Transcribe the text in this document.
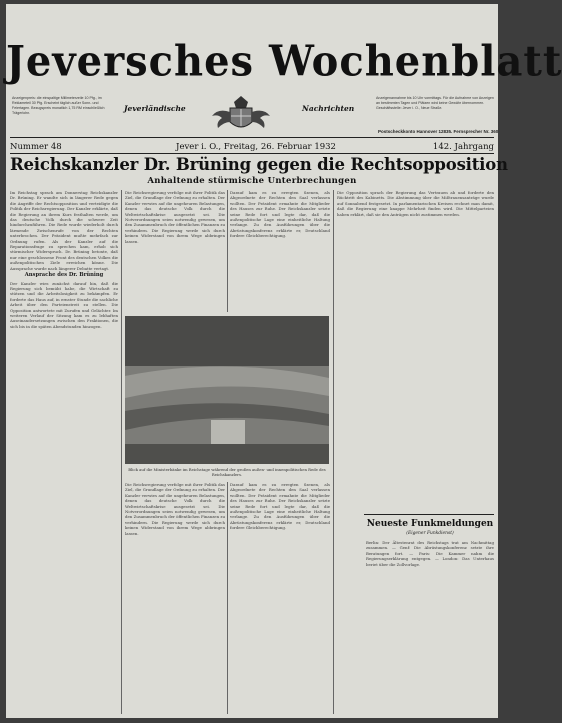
Anzeigenpreis: die einspaltige Millimeterzeile 10 Pfg., im Reklameteil 30 Pfg. Erscheint täglich außer Sonn- und Feiertagen. Bezugspreis monatlich 1,75 RM einschließlich Trägerlohn.
Jeversches Wochenblatt
Anzeigenannahme bis 10 Uhr vormittags. Für die Aufnahme von Anzeigen an bestimmten Tagen und Plätzen wird keine Gewähr übernommen. Geschäftsstelle: Jever i. O., Neue Straße.
Jeverländische	Nachrichten
Postscheckkonto Hannover 12835. Fernsprecher Nr. 360
Nummer 48	Jever i. O., Freitag, 26. Februar 1932	142. Jahrgang
Reichskanzler Dr. Brüning gegen die Rechtsopposition
Anhaltende stürmische Unterbrechungen

Im Reichstag sprach am Donnerstag Reichskanzler Dr. Brüning. Er wandte sich in längerer Rede gegen die Angriffe der Rechtsopposition und verteidigte die Politik der Reichsregierung. Der Kanzler erklärte, daß die Regierung an ihrem Kurs festhalten werde, um das deutsche Volk durch die schwere Zeit hindurchzuführen. Die Rede wurde wiederholt durch lärmende Zwischenrufe von der Rechten unterbrochen. Der Präsident mußte mehrfach zur Ordnung rufen. Als der Kanzler auf die Reparationsfrage zu sprechen kam, erhob sich stürmischer Widerspruch. Dr. Brüning betonte, daß nur eine geschlossene Front des deutschen Volkes die außenpolitischen Ziele erreichen könne. Die Aussprache wurde nach längerer Debatte vertagt.

Ansprache des Dr. Brüning

Der Kanzler wies zunächst darauf hin, daß die Regierung sich bemüht habe, die Wirtschaft zu stützen und die Arbeitslosigkeit zu bekämpfen. Er forderte das Haus auf, in ernster Stunde die sachliche Arbeit über den Parteienstreit zu stellen. Die Opposition antwortete mit Zurufen und Gelächter. Im weiteren Verlauf der Sitzung kam es zu lebhaften Auseinandersetzungen zwischen den Fraktionen, die sich bis in die späten Abendstunden hinzogen.

Die Reichsregierung verfolge mit ihrer Politik das Ziel, die Grundlage der Ordnung zu erhalten. Der Kanzler verwies auf die ungeheuren Belastungen, denen das deutsche Volk durch die Weltwirtschaftskrise ausgesetzt sei. Die Notverordnungen seien notwendig gewesen, um den Zusammenbruch der öffentlichen Finanzen zu verhindern. Die Regierung werde sich durch keinen Widerstand von ihrem Wege abbringen lassen.

Darauf kam es zu erregten Szenen, als Abgeordnete der Rechten den Saal verlassen wollten. Der Präsident ermahnte die Mitglieder des Hauses zur Ruhe. Der Reichskanzler setzte seine Rede fort und legte dar, daß die außenpolitische Lage eine einheitliche Haltung verlange. Zu den Ausführungen über die Abrüstungskonferenz erklärte er, Deutschland fordere Gleichberechtigung.

Blick auf die Ministerbänke im Reichstage während der großen außen- und innenpolitischen Rede des Reichskanzlers.

Die Reichsregierung verfolge mit ihrer Politik das Ziel, die Grundlage der Ordnung zu erhalten. Der Kanzler verwies auf die ungeheuren Belastungen, denen das deutsche Volk durch die Weltwirtschaftskrise ausgesetzt sei. Die Notverordnungen seien notwendig gewesen, um den Zusammenbruch der öffentlichen Finanzen zu verhindern. Die Regierung werde sich durch keinen Widerstand von ihrem Wege abbringen lassen.

Darauf kam es zu erregten Szenen, als Abgeordnete der Rechten den Saal verlassen wollten. Der Präsident ermahnte die Mitglieder des Hauses zur Ruhe. Der Reichskanzler setzte seine Rede fort und legte dar, daß die außenpolitische Lage eine einheitliche Haltung verlange. Zu den Ausführungen über die Abrüstungskonferenz erklärte er, Deutschland fordere Gleichberechtigung.

Die Opposition sprach der Regierung das Vertrauen ab und forderte den Rücktritt des Kabinetts. Die Abstimmung über die Mißtrauensanträge wurde auf Sonnabend festgesetzt. In parlamentarischen Kreisen rechnet man damit, daß die Regierung eine knappe Mehrheit finden wird. Die Mittelparteien haben erklärt, daß sie den Anträgen nicht zustimmen werden.

Neueste Funkmeldungen
(Eigener Funkdienst)

Berlin: Der Ältestenrat des Reichstags trat am Nachmittag zusammen. — Genf: Die Abrüstungskonferenz setzte ihre Beratungen fort. — Paris: Die Kammer nahm die Regierungserklärung entgegen. — London: Das Unterhaus beriet über die Zollvorlage.
